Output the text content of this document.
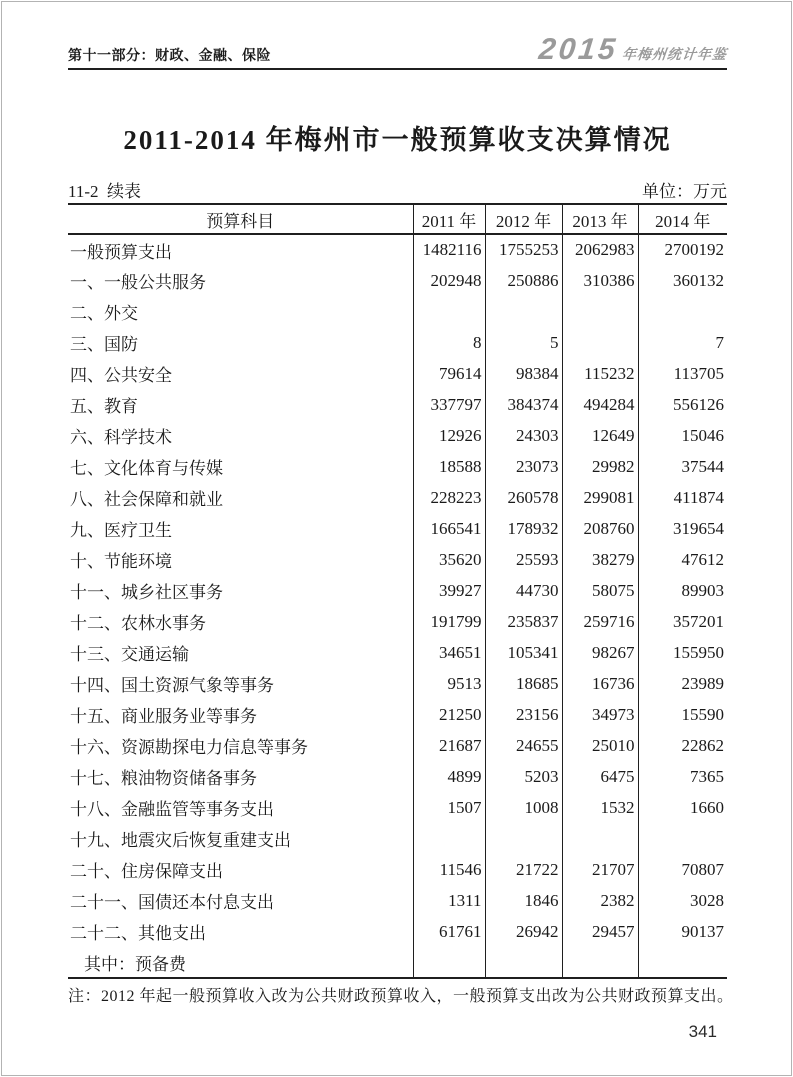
第十一部分：财政、金融、保险	2015 年梅州统计年鉴
2011-2014 年梅州市一般预算收支决算情况
11-2 续表	单位：万元
预算科目	2011 年	2012 年	2013 年	2014 年
一般预算支出	1482116	1755253	2062983	2700192
一、一般公共服务	202948	250886	310386	360132
二、外交				
三、国防	8	5		7
四、公共安全	79614	98384	115232	113705
五、教育	337797	384374	494284	556126
六、科学技术	12926	24303	12649	15046
七、文化体育与传媒	18588	23073	29982	37544
八、社会保障和就业	228223	260578	299081	411874
九、医疗卫生	166541	178932	208760	319654
十、节能环境	35620	25593	38279	47612
十一、城乡社区事务	39927	44730	58075	89903
十二、农林水事务	191799	235837	259716	357201
十三、交通运输	34651	105341	98267	155950
十四、国土资源气象等事务	9513	18685	16736	23989
十五、商业服务业等事务	21250	23156	34973	15590
十六、资源勘探电力信息等事务	21687	24655	25010	22862
十七、粮油物资储备事务	4899	5203	6475	7365
十八、金融监管等事务支出	1507	1008	1532	1660
十九、地震灾后恢复重建支出				
二十、住房保障支出	11546	21722	21707	70807
二十一、国债还本付息支出	1311	1846	2382	3028
二十二、其他支出	61761	26942	29457	90137
其中：预备费				
注：2012 年起一般预算收入改为公共财政预算收入，一般预算支出改为公共财政预算支出。
341
